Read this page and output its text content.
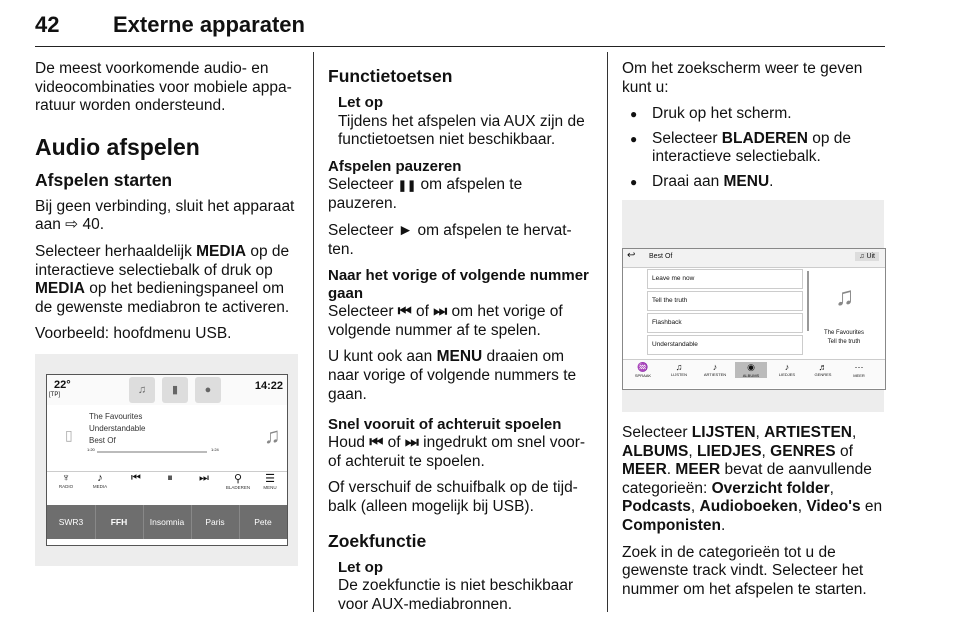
42 Externe apparaten

De meest voorkomende audio- en videocombinaties voor mobiele appa-ratuur worden ondersteund.

Audio afspelen
Afspelen starten

Bij geen verbinding, sluit het apparaat aan ⇨ 40.

Selecteer herhaaldelijk MEDIA op de interactieve selectiebalk of druk op MEDIA op het bedieningspaneel om de gewenste mediabron te activeren.

Voorbeeld: hoofdmenu USB.

22°
[TP]	♫	▮	●	14:22
▯
The Favourites
Understandable
Best Of
1:20	1:24
♫
♆
RADIO
♪
MEDIA
⏮	⏸	⏭	⚲
BLADEREN
☰
MENU
SWR3	FFH	Insomnia	Paris	Pete
Functietoetsen
Let op
Tijdens het afspelen via AUX zijn de functietoetsen niet beschikbaar.
Afspelen pauzeren

Selecteer ❚❚ om afspelen te pauzeren.

Selecteer ► om afspelen te hervat-ten.

Naar het vorige of volgende nummer gaan

Selecteer ⏮ of ⏭ om het vorige of volgende nummer af te spelen.

U kunt ook aan MENU draaien om naar vorige of volgende nummers te gaan.

Snel vooruit of achteruit spoelen

Houd ⏮ of ⏭ ingedrukt om snel voor- of achteruit te spoelen.

Of verschuif de schuifbalk op de tijd-balk (alleen mogelijk bij USB).

Zoekfunctie
Let op
De zoekfunctie is niet beschikbaar voor AUX-mediabronnen.

Om het zoekscherm weer te geven kunt u:

● Druk op het scherm.
● Selecteer BLADEREN op de interactieve selectiebalk.
● Draai aan MENU.
↩ Best Of	♫ Uit
Leave me now
Tell the truth
Flashback
Understandable
♫
The Favourites
Tell the truth
♒
SPRAAK
♫
LIJSTEN
♪
ARTIESTEN
◉
ALBUMS
♪
LIEDJES
♬
GENRES
⋯
MEER

Selecteer LIJSTEN, ARTIESTEN, ALBUMS, LIEDJES, GENRES of MEER. MEER bevat de aanvullende categorieën: Overzicht folder, Podcasts, Audioboeken, Video's en Componisten.

Zoek in de categorieën tot u de gewenste track vindt. Selecteer het nummer om het afspelen te starten.
